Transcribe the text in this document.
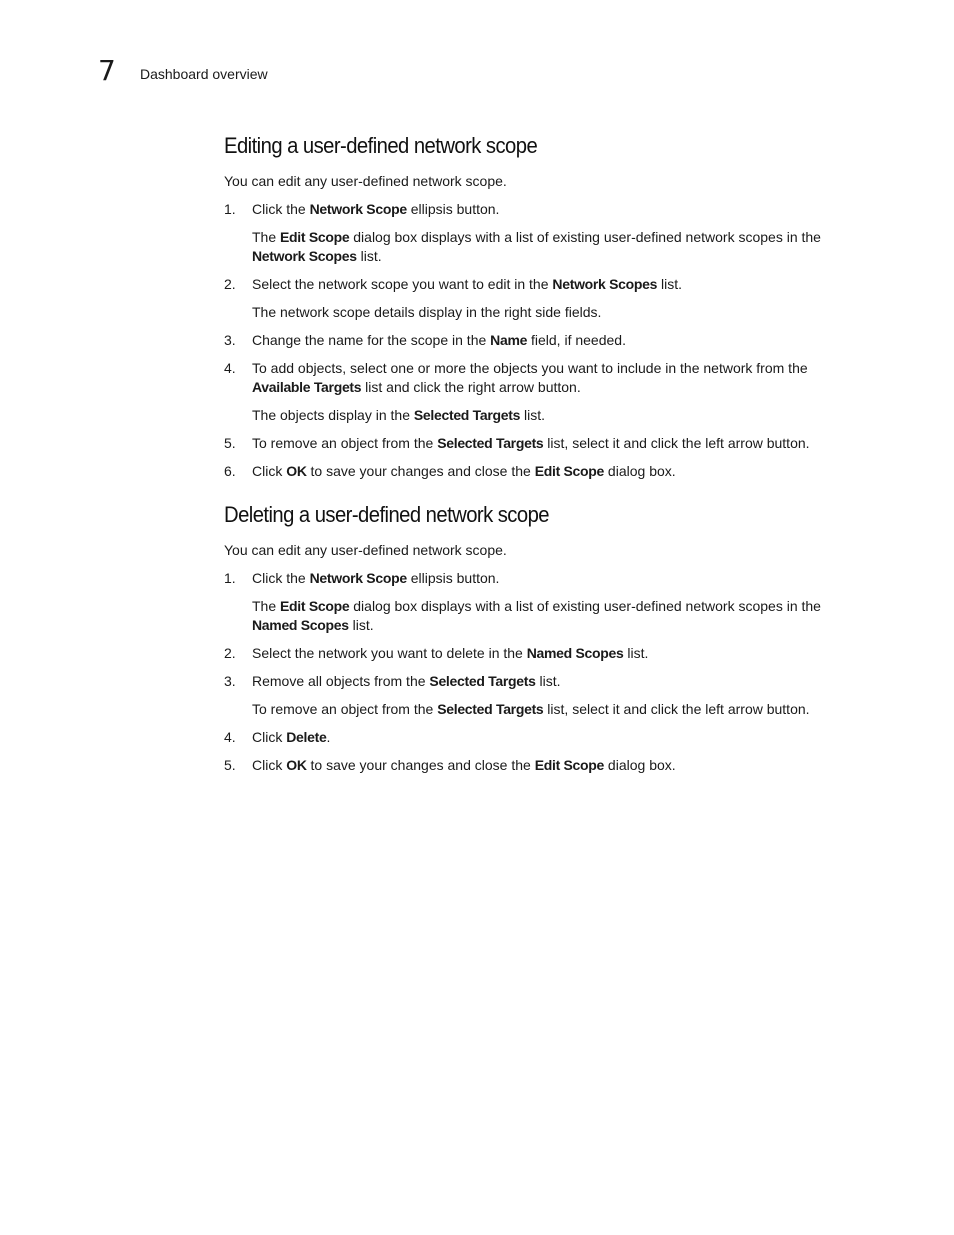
7 Dashboard overview
Editing a user-defined network scope

You can edit any user-defined network scope.

1.	Click the Network Scope ellipsis button.
The Edit Scope dialog box displays with a list of existing user-defined network scopes in the Network Scopes list.
2.	Select the network scope you want to edit in the Network Scopes list.
The network scope details display in the right side fields.
3.	Change the name for the scope in the Name field, if needed.
4.	To add objects, select one or more the objects you want to include in the network from the Available Targets list and click the right arrow button.
The objects display in the Selected Targets list.
5.	To remove an object from the Selected Targets list, select it and click the left arrow button.
6.	Click OK to save your changes and close the Edit Scope dialog box.
Deleting a user-defined network scope

You can edit any user-defined network scope.

1.	Click the Network Scope ellipsis button.
The Edit Scope dialog box displays with a list of existing user-defined network scopes in the Named Scopes list.
2.	Select the network you want to delete in the Named Scopes list.
3.	Remove all objects from the Selected Targets list.
To remove an object from the Selected Targets list, select it and click the left arrow button.
4.	Click Delete.
5.	Click OK to save your changes and close the Edit Scope dialog box.
